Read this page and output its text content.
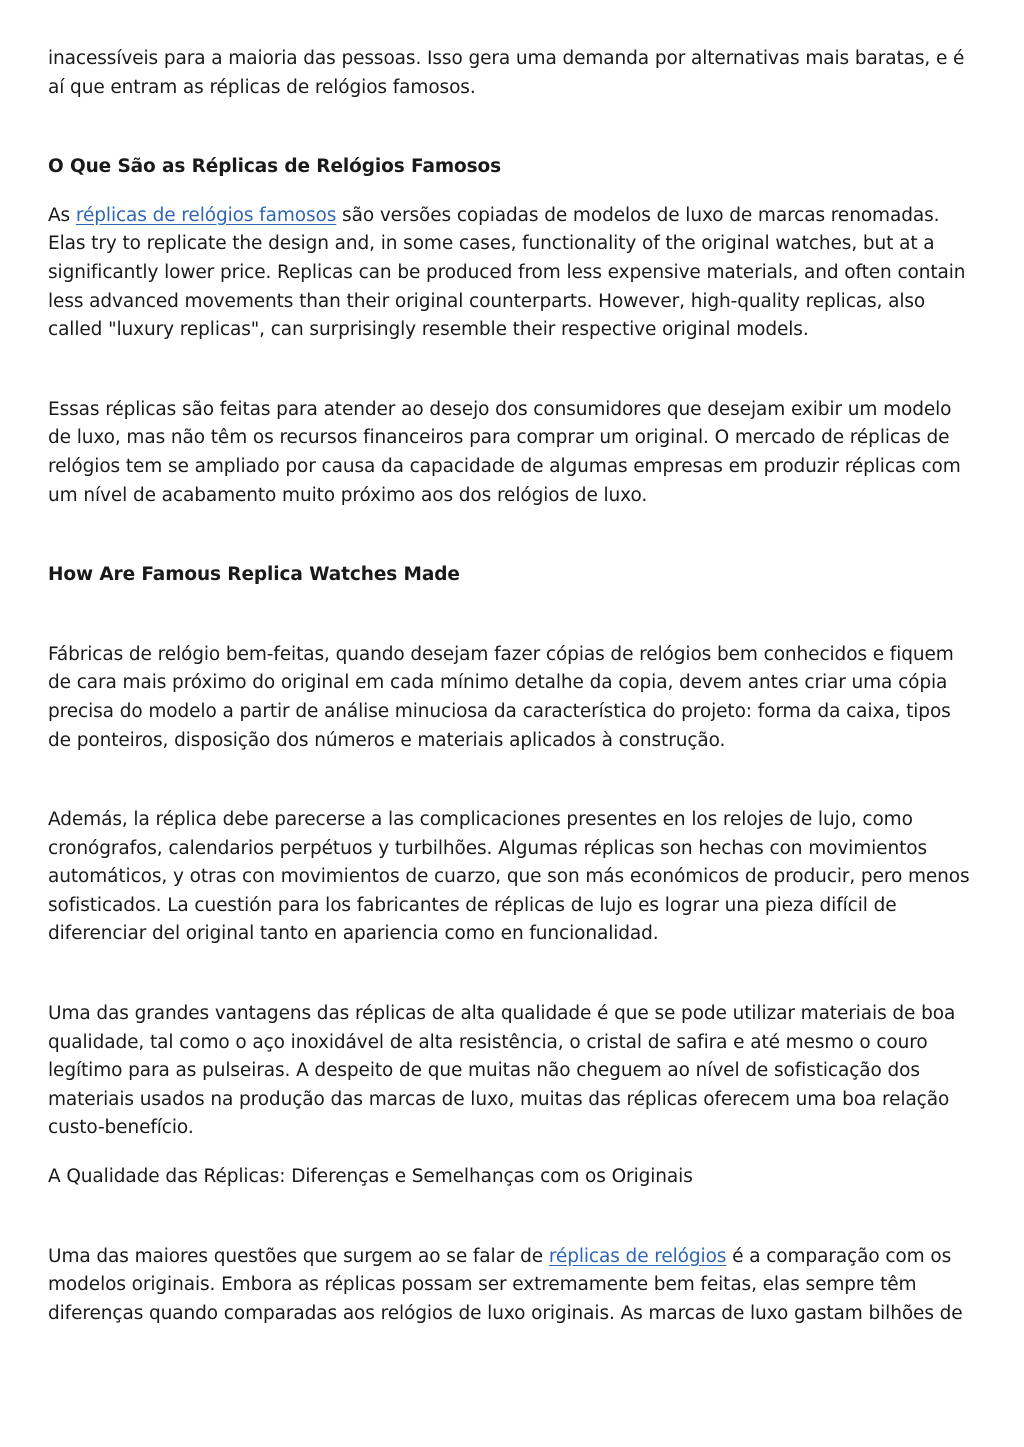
inacessíveis para a maioria das pessoas. Isso gera uma demanda por alternativas mais baratas, e é aí que entram as réplicas de relógios famosos.

O Que São as Réplicas de Relógios Famosos

As réplicas de relógios famosos são versões copiadas de modelos de luxo de marcas renomadas. Elas try to replicate the design and, in some cases, functionality of the original watches, but at a significantly lower price. Replicas can be produced from less expensive materials, and often contain less advanced movements than their original counterparts. However, high-quality replicas, also called "luxury replicas", can surprisingly resemble their respective original models.

Essas réplicas são feitas para atender ao desejo dos consumidores que desejam exibir um modelo de luxo, mas não têm os recursos financeiros para comprar um original. O mercado de réplicas de relógios tem se ampliado por causa da capacidade de algumas empresas em produzir réplicas com um nível de acabamento muito próximo aos dos relógios de luxo.

How Are Famous Replica Watches Made

Fábricas de relógio bem-feitas, quando desejam fazer cópias de relógios bem conhecidos e fiquem de cara mais próximo do original em cada mínimo detalhe da copia, devem antes criar uma cópia precisa do modelo a partir de análise minuciosa da característica do projeto: forma da caixa, tipos de ponteiros, disposição dos números e materiais aplicados à construção.

Además, la réplica debe parecerse a las complicaciones presentes en los relojes de lujo, como cronógrafos, calendarios perpétuos y turbilhões. Algumas réplicas son hechas con movimientos automáticos, y otras con movimientos de cuarzo, que son más económicos de producir, pero menos sofisticados. La cuestión para los fabricantes de réplicas de lujo es lograr una pieza difícil de diferenciar del original tanto en apariencia como en funcionalidad.

Uma das grandes vantagens das réplicas de alta qualidade é que se pode utilizar materiais de boa qualidade, tal como o aço inoxidável de alta resistência, o cristal de safira e até mesmo o couro legítimo para as pulseiras. A despeito de que muitas não cheguem ao nível de sofisticação dos materiais usados na produção das marcas de luxo, muitas das réplicas oferecem uma boa relação custo-benefício.

A Qualidade das Réplicas: Diferenças e Semelhanças com os Originais

Uma das maiores questões que surgem ao se falar de réplicas de relógios é a comparação com os modelos originais. Embora as réplicas possam ser extremamente bem feitas, elas sempre têm diferenças quando comparadas aos relógios de luxo originais. As marcas de luxo gastam bilhões de
